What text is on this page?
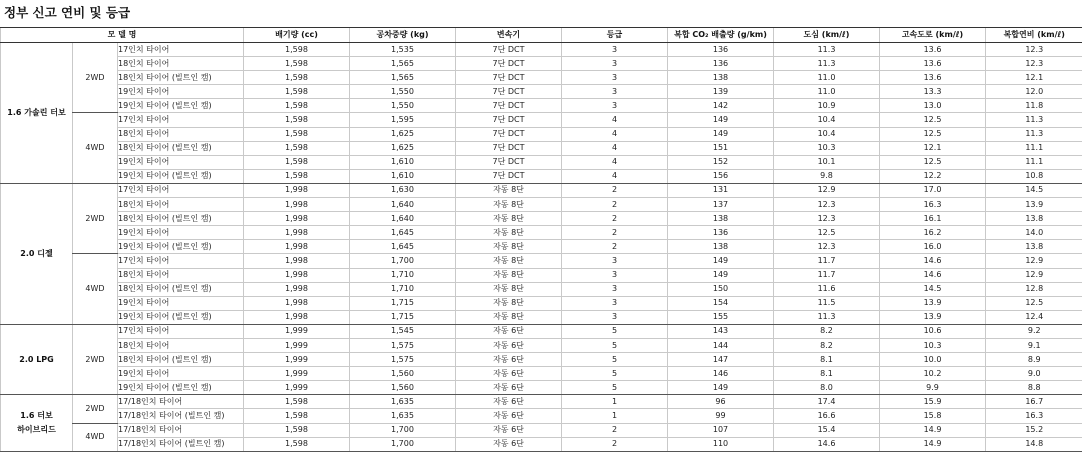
정부 신고 연비 및 등급
모 델 명			배기량 (cc)	공차중량 (kg)	변속기	등급	복합 CO₂ 배출량 (g/km)	도심 (km/ℓ)	고속도로 (km/ℓ)	복합연비 (km/ℓ)
1.6 가솔린 터보	2WD	17인치 타이어	1,598	1,535	7단 DCT	3	136	11.3	13.6	12.3
		18인치 타이어	1,598	1,565	7단 DCT	3	136	11.3	13.6	12.3
		18인치 타이어 (빌트인 캠)	1,598	1,565	7단 DCT	3	138	11.0	13.6	12.1
		19인치 타이어	1,598	1,550	7단 DCT	3	139	11.0	13.3	12.0
		19인치 타이어 (빌트인 캠)	1,598	1,550	7단 DCT	3	142	10.9	13.0	11.8
	4WD	17인치 타이어	1,598	1,595	7단 DCT	4	149	10.4	12.5	11.3
		18인치 타이어	1,598	1,625	7단 DCT	4	149	10.4	12.5	11.3
		18인치 타이어 (빌트인 캠)	1,598	1,625	7단 DCT	4	151	10.3	12.1	11.1
		19인치 타이어	1,598	1,610	7단 DCT	4	152	10.1	12.5	11.1
		19인치 타이어 (빌트인 캠)	1,598	1,610	7단 DCT	4	156	9.8	12.2	10.8
2.0 디젤	2WD	17인치 타이어	1,998	1,630	자동 8단	2	131	12.9	17.0	14.5
		18인치 타이어	1,998	1,640	자동 8단	2	137	12.3	16.3	13.9
		18인치 타이어 (빌트인 캠)	1,998	1,640	자동 8단	2	138	12.3	16.1	13.8
		19인치 타이어	1,998	1,645	자동 8단	2	136	12.5	16.2	14.0
		19인치 타이어 (빌트인 캠)	1,998	1,645	자동 8단	2	138	12.3	16.0	13.8
	4WD	17인치 타이어	1,998	1,700	자동 8단	3	149	11.7	14.6	12.9
		18인치 타이어	1,998	1,710	자동 8단	3	149	11.7	14.6	12.9
		18인치 타이어 (빌트인 캠)	1,998	1,710	자동 8단	3	150	11.6	14.5	12.8
		19인치 타이어	1,998	1,715	자동 8단	3	154	11.5	13.9	12.5
		19인치 타이어 (빌트인 캠)	1,998	1,715	자동 8단	3	155	11.3	13.9	12.4
2.0 LPG	2WD	17인치 타이어	1,999	1,545	자동 6단	5	143	8.2	10.6	9.2
		18인치 타이어	1,999	1,575	자동 6단	5	144	8.2	10.3	9.1
		18인치 타이어 (빌트인 캠)	1,999	1,575	자동 6단	5	147	8.1	10.0	8.9
		19인치 타이어	1,999	1,560	자동 6단	5	146	8.1	10.2	9.0
		19인치 타이어 (빌트인 캠)	1,999	1,560	자동 6단	5	149	8.0	9.9	8.8
1.6 터보
하이브리드	2WD	17/18인치 타이어	1,598	1,635	자동 6단	1	96	17.4	15.9	16.7
		17/18인치 타이어 (빌트인 캠)	1,598	1,635	자동 6단	1	99	16.6	15.8	16.3
	4WD	17/18인치 타이어	1,598	1,700	자동 6단	2	107	15.4	14.9	15.2
		17/18인치 타이어 (빌트인 캠)	1,598	1,700	자동 6단	2	110	14.6	14.9	14.8
